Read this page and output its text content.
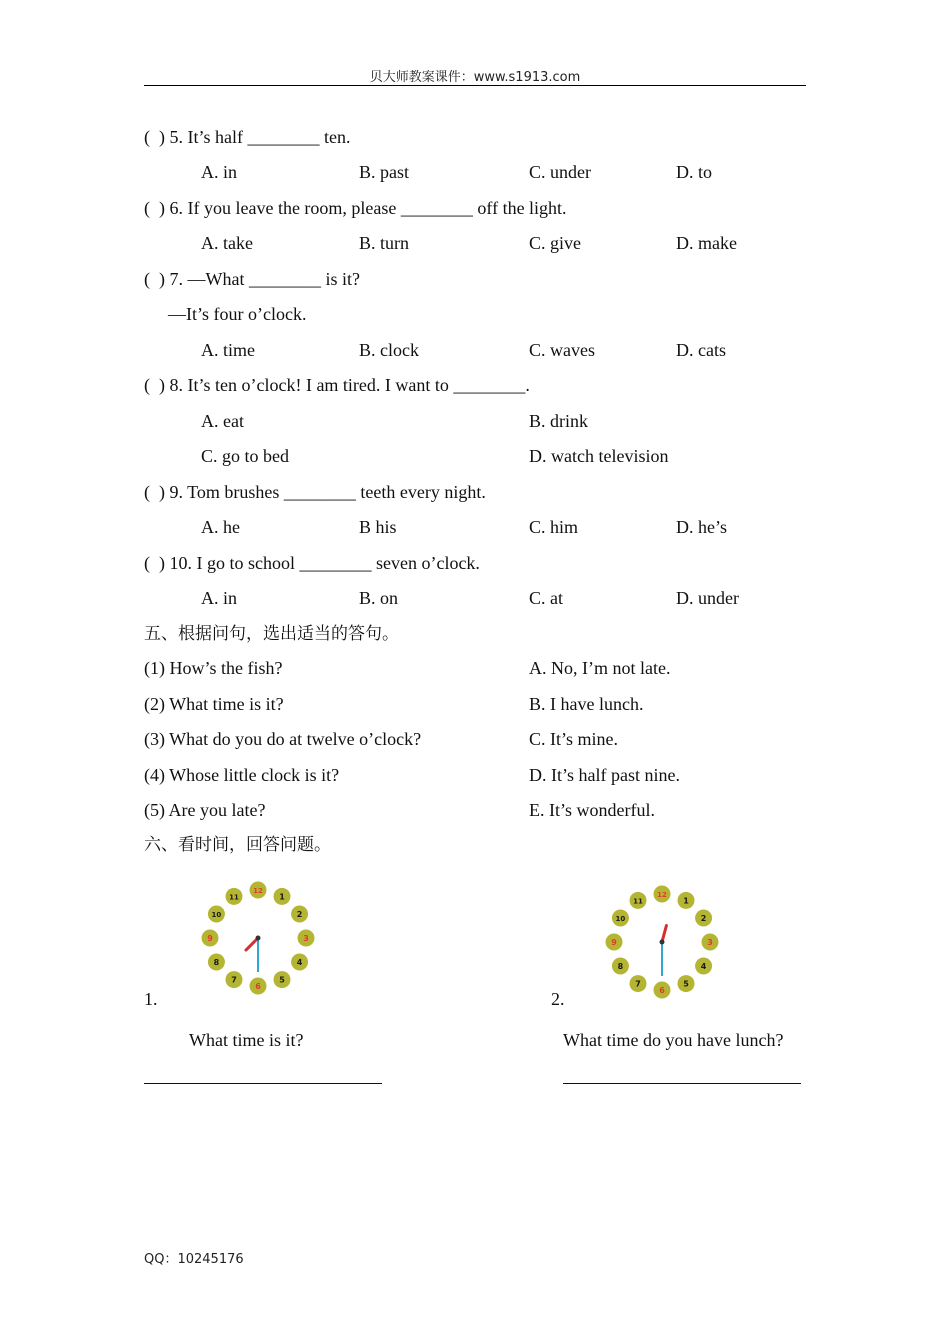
贝大师教案课件：www.s1913.com
(  ) 5. It’s half ________ ten.
A. in	B. past	C. under	D. to
(  ) 6. If you leave the room, please ________ off the light.
A. take	B. turn	C. give	D. make
(  ) 7. —What ________ is it?
—It’s four o’clock.
A. time	B. clock	C. waves	D. cats
(  ) 8. It’s ten o’clock! I am tired. I want to ________.
A. eat	B. drink
C. go to bed	D. watch television
(  ) 9. Tom brushes ________ teeth every night.
A. he	B his	C. him	D. he’s
(  ) 10. I go to school ________ seven o’clock.
A. in	B. on	C. at	D. under
五、根据问句，选出适当的答句。
(1) How’s the fish?	A. No, I’m not late.
(2) What time is it?	B. I have lunch.
(3) What do you do at twelve o’clock?	C. It’s mine.
(4) Whose little clock is it?	D. It’s half past nine.
(5) Are you late?	E. It’s wonderful.
六、看时间，回答问题。
12
1
2
3
4
5
6
7
8
9
10
11	12
1
2
3
4
5
6
7
8
9
10
11
1.	2.
What time is it?	What time do you have lunch?
QQ：10245176
